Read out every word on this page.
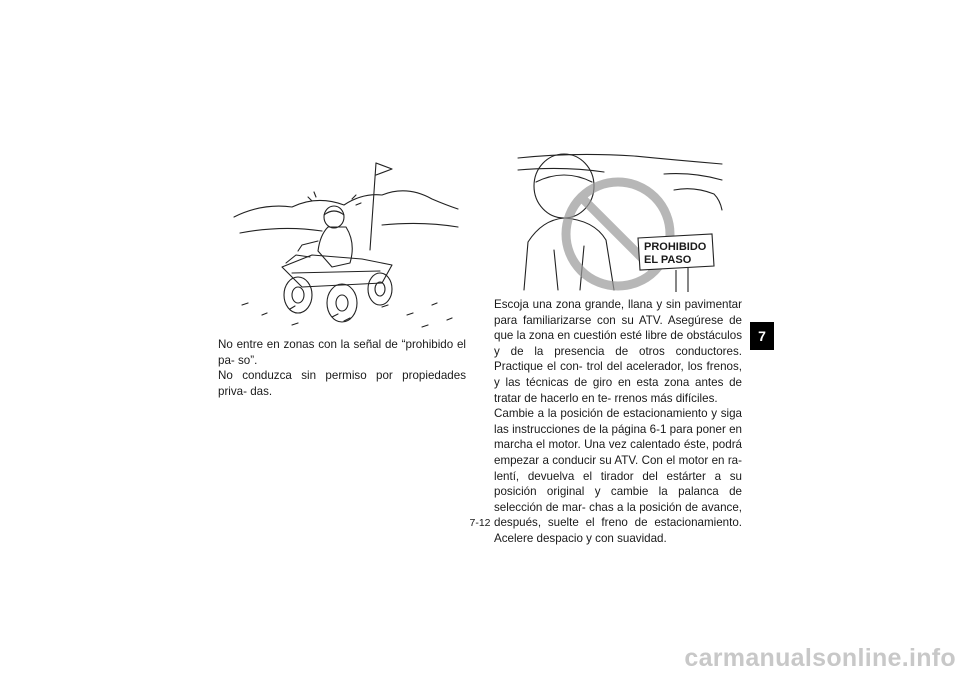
PROHIBIDO
EL PASO

No entre en zonas con la señal de “prohibido el pa- so”.

No conduzca sin permiso por propiedades priva- das.

Escoja una zona grande, llana y sin pavimentar para familiarizarse con su ATV. Asegúrese de que la zona en cuestión esté libre de obstáculos y de la presencia de otros conductores. Practique el con- trol del acelerador, los frenos, y las técnicas de giro en esta zona antes de tratar de hacerlo en te- rrenos más difíciles.

Cambie a la posición de estacionamiento y siga las instrucciones de la página 6-1 para poner en marcha el motor. Una vez calentado éste, podrá empezar a conducir su ATV. Con el motor en ra- lentí, devuelva el tirador del estárter a su posición original y cambie la palanca de selección de mar- chas a la posición de avance, después, suelte el freno de estacionamiento. Acelere despacio y con suavidad.

7-12
7
carmanualsonline.info
